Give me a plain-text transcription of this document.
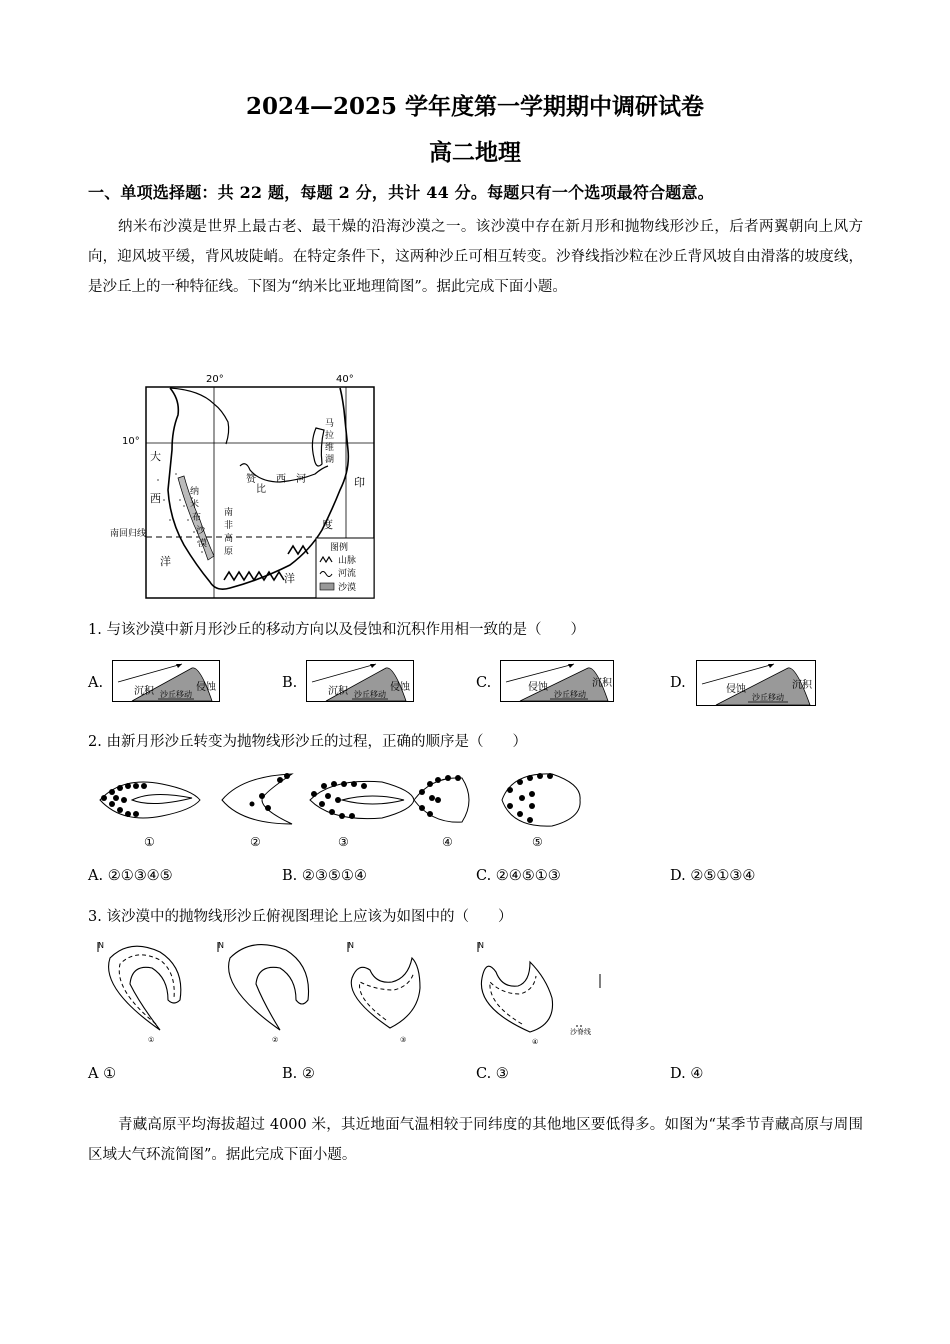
2024—2025 学年度第一学期期中调研试卷
高二地理
一、单项选择题：共 22 题，每题 2 分，共计 44 分。每题只有一个选项最符合题意。
纳米布沙漠是世界上最古老、最干燥的沿海沙漠之一。该沙漠中存在新月形和抛物线形沙丘，后者两翼朝向上风方向，迎风坡平缓，背风坡陡峭。在特定条件下，这两种沙丘可相互转变。沙脊线指沙粒在沙丘背风坡自由滑落的坡度线，是沙丘上的一种特征线。下图为“纳米比亚地理简图”。据此完成下面小题。
20°	40°
10°
南回归线
大
西
洋
纳
米
布
沙
漠
南
非
高
原
赞
比
西 河
马
拉
维
湖
印
度
洋
图例
山脉
河流
沙漠
1. 与该沙漠中新月形沙丘的移动方向以及侵蚀和沉积作用相一致的是（　　）
A.
沉积	侵蚀
沙丘移动
B.
沉积	侵蚀
沙丘移动
C.	侵蚀	沉积
沙丘移动
D.	侵蚀	沉积
沙丘移动
2. 由新月形沙丘转变为抛物线形沙丘的过程，正确的顺序是（　　）
①	②	③	④	⑤
A. ②①③④⑤	B. ②③⑤①④	C. ②④⑤①③	D. ②⑤①③④
3. 该沙漠中的抛物线形沙丘俯视图理论上应该为如图中的（　　）
N
①
N
②
N
③
N
④
沙脊线
A ①	B. ②	C. ③	D. ④
青藏高原平均海拔超过 4000 米，其近地面气温相较于同纬度的其他地区要低得多。如图为“某季节青藏高原与周围区域大气环流简图”。据此完成下面小题。
